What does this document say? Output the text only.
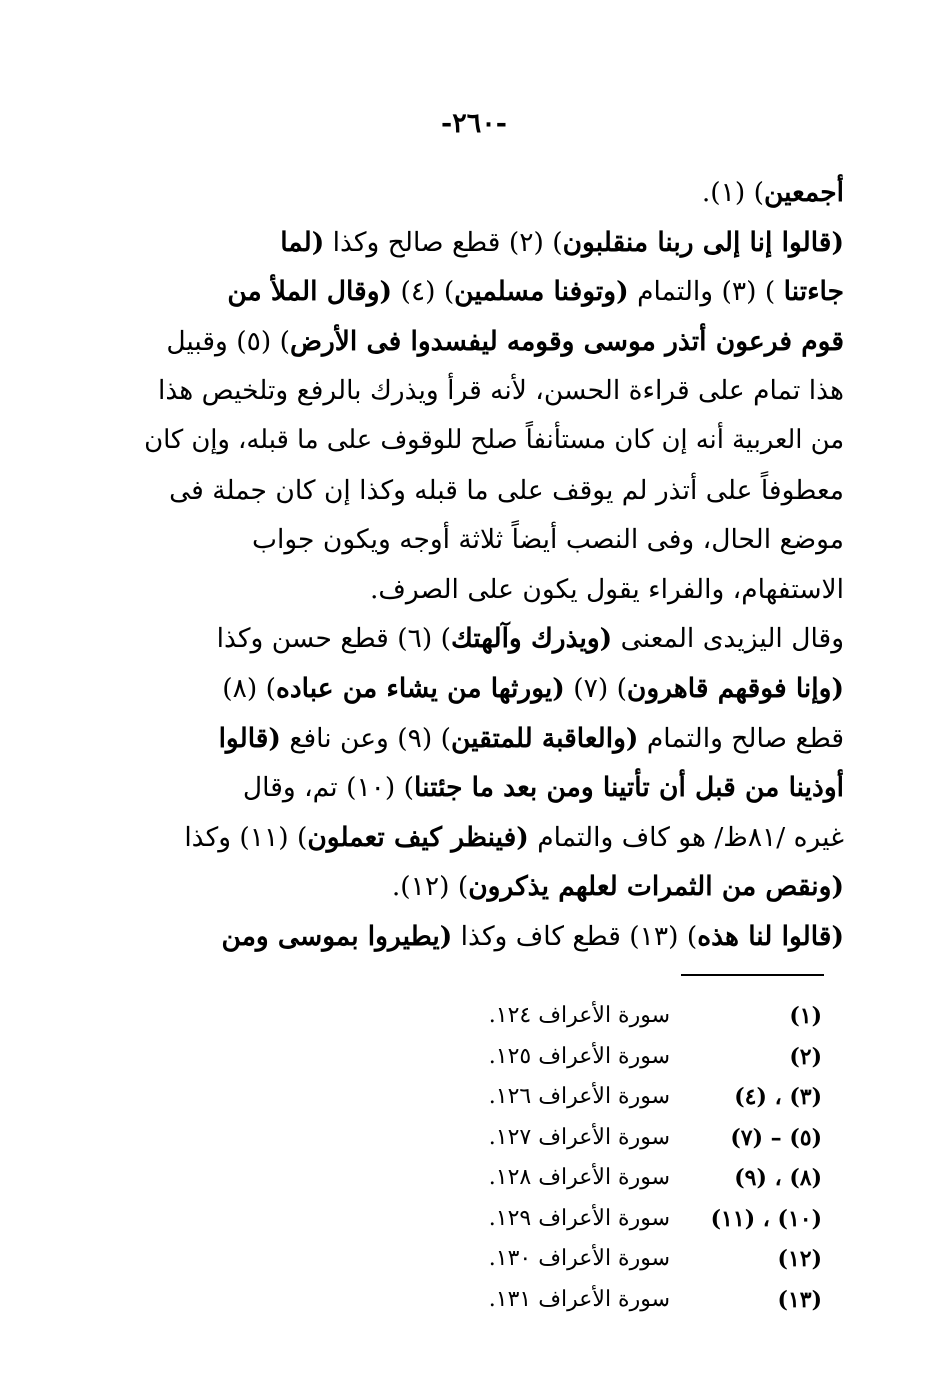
-٢٦٠-
أجمعين) (١).
(قالوا إنا إلى ربنا منقلبون) (٢) قطع صالح وكذا (لما
جاءتنا ) (٣) والتمام (وتوفنا مسلمين) (٤) (وقال الملأ من
قوم فرعون أتذر موسى وقومه ليفسدوا فى الأرض) (٥) وقبيل
هذا تمام على قراءة الحسن، لأنه قرأ ويذرك بالرفع وتلخيص هذا
من العربية أنه إن كان مستأنفاً صلح للوقوف على ما قبله، وإن كان
معطوفاً على أتذر لم يوقف على ما قبله وكذا إن كان جملة فى
موضع الحال، وفى النصب أيضاً ثلاثة أوجه ويكون جواب
الاستفهام، والفراء يقول يكون على الصرف.
وقال اليزيدى المعنى (ويذرك وآلهتك) (٦) قطع حسن وكذا
(وإنا فوقهم قاهرون) (٧) (يورثها من يشاء من عباده) (٨)
قطع صالح والتمام (والعاقبة للمتقين) (٩) وعن نافع (قالوا
أوذينا من قبل أن تأتينا ومن بعد ما جئتنا) (١٠) تم، وقال
غيره /٨١ظ/ هو كاف والتمام (فينظر كيف تعملون) (١١) وكذا
(ونقص من الثمرات لعلهم يذكرون) (١٢).
(قالوا لنا هذه) (١٣) قطع كاف وكذا (يطيروا بموسى ومن
(١)
سورة الأعراف ١٢٤.
(٢)
سورة الأعراف ١٢٥.
(٣) ، (٤)
سورة الأعراف ١٢٦.
(٥) – (٧)
سورة الأعراف ١٢٧.
(٨) ، (٩)
سورة الأعراف ١٢٨.
(١٠) ، (١١)
سورة الأعراف ١٢٩.
(١٢)
سورة الأعراف ١٣٠.
(١٣)
سورة الأعراف ١٣١.
